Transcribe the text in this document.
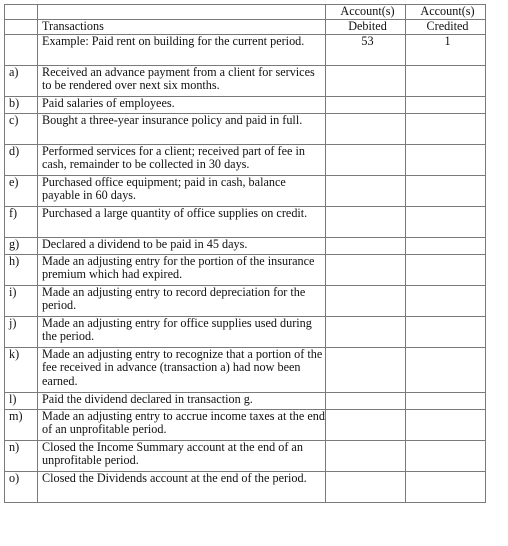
		Account(s)	Account(s)
	Transactions	Debited	Credited
	Example: Paid rent on building for the current period.	53	1
a)	Received an advance payment from a client for services to be rendered over next six months.		
b)	Paid salaries of employees.		
c)	Bought a three-year insurance policy and paid in full.		
d)	Performed services for a client; received part of fee in cash, remainder to be collected in 30 days.		
e)	Purchased office equipment; paid in cash, balance payable in 60 days.		
f)	Purchased a large quantity of office supplies on credit.		
g)	Declared a dividend to be paid in 45 days.		
h)	Made an adjusting entry for the portion of the insurance premium which had expired.		
i)	Made an adjusting entry to record depreciation for the period.		
j)	Made an adjusting entry for office supplies used during the period.		
k)	Made an adjusting entry to recognize that a portion of the fee received in advance (transaction a) had now been earned.		
l)	Paid the dividend declared in transaction g.		
m)	Made an adjusting entry to accrue income taxes at the end of an unprofitable period.		
n)	Closed the Income Summary account at the end of an unprofitable period.		
o)	Closed the Dividends account at the end of the period.		
